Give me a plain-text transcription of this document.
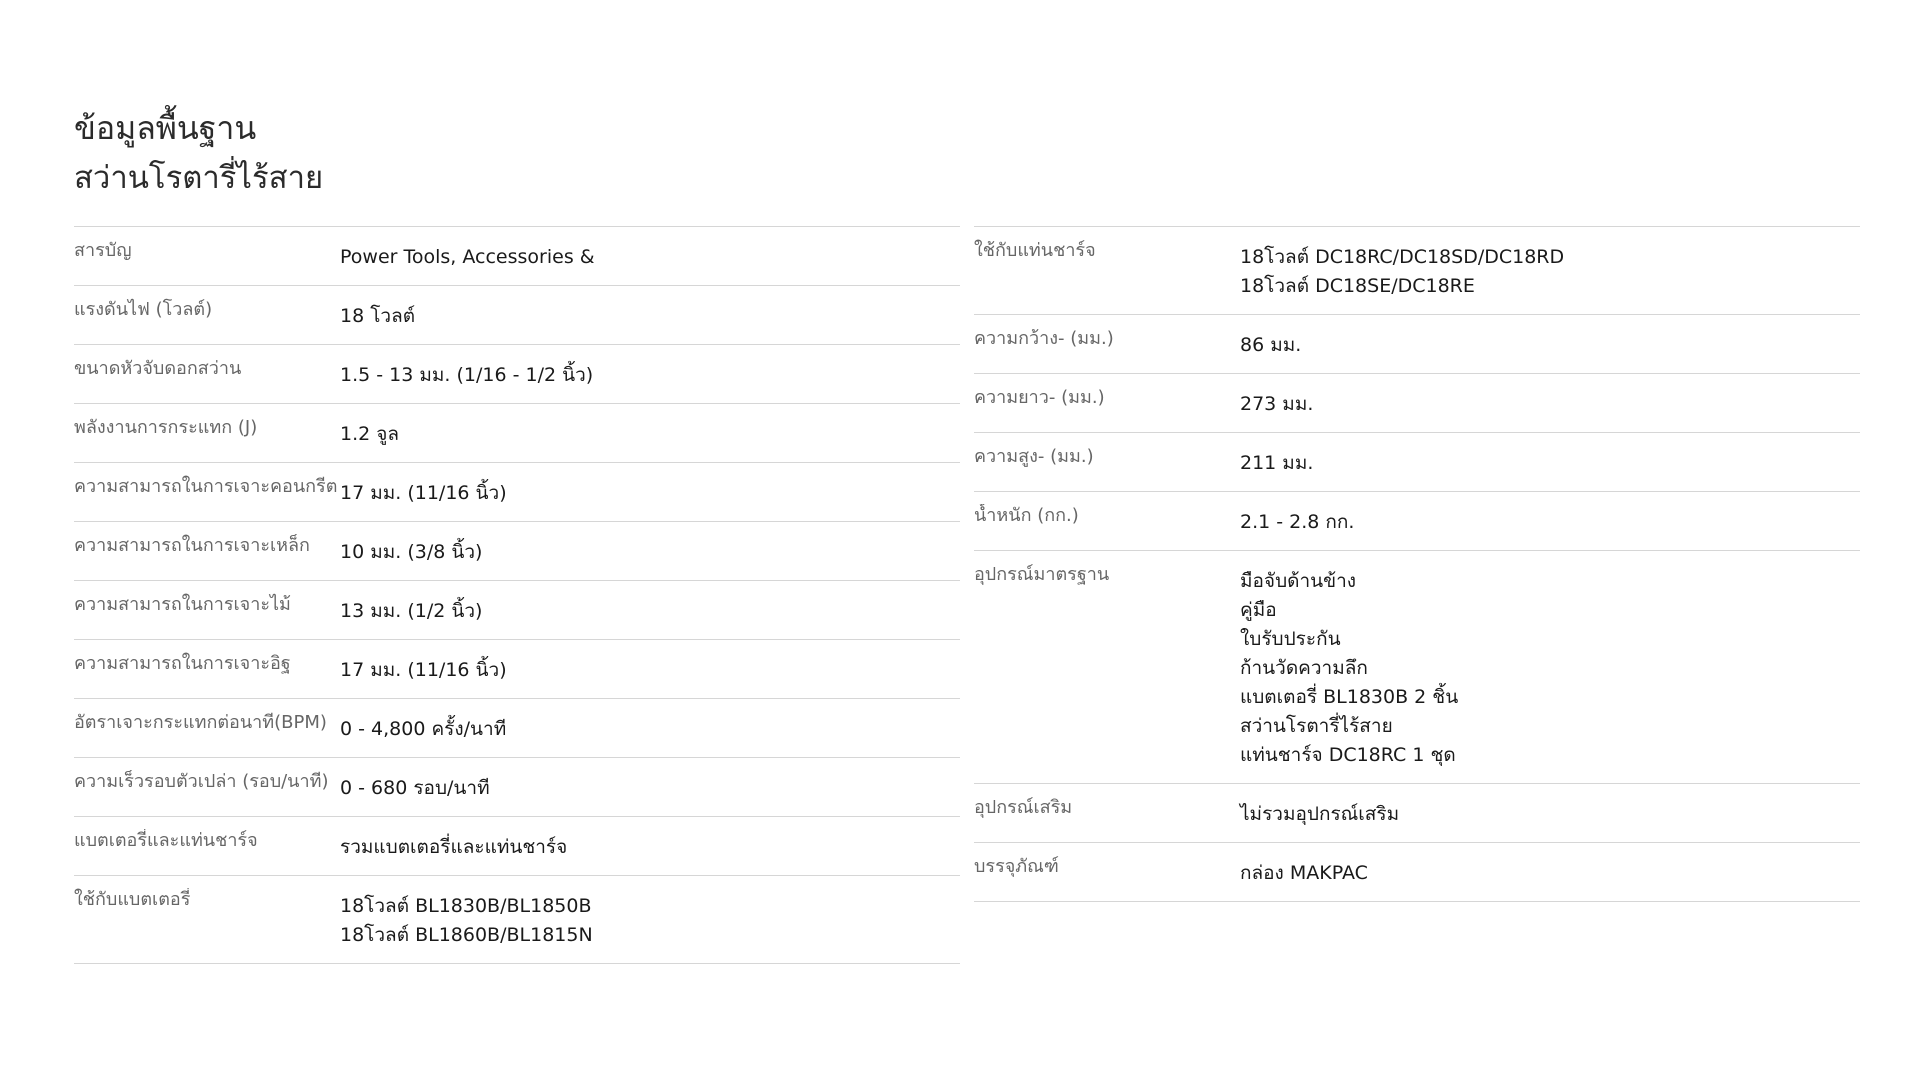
ข้อมูลพื้นฐาน
สว่านโรตารี่ไร้สาย
สารบัญ	Power Tools, Accessories &
แรงดันไฟ (โวลต์)	18 โวลต์
ขนาดหัวจับดอกสว่าน	1.5 - 13 มม. (1/16 - 1/2 นิ้ว)
พลังงานการกระแทก (J)	1.2 จูล
ความสามารถในการเจาะคอนกรีต 17 มม. (11/16 นิ้ว)
ความสามารถในการเจาะเหล็ก	10 มม. (3/8 นิ้ว)
ความสามารถในการเจาะไม้	13 มม. (1/2 นิ้ว)
ความสามารถในการเจาะอิฐ	17 มม. (11/16 นิ้ว)
อัตราเจาะกระแทกต่อนาที(BPM) 0 - 4,800 ครั้ง/นาที
ความเร็วรอบตัวเปล่า (รอบ/นาที) 0 - 680 รอบ/นาที
แบตเตอรี่และแท่นชาร์จ	รวมแบตเตอรี่และแท่นชาร์จ
ใช้กับแบตเตอรี่	18โวลต์ BL1830B/BL1850B
18โวลต์ BL1860B/BL1815N
ใช้กับแท่นชาร์จ	18โวลต์ DC18RC/DC18SD/DC18RD
18โวลต์ DC18SE/DC18RE
ความกว้าง- (มม.)	86 มม.
ความยาว- (มม.)	273 มม.
ความสูง- (มม.)	211 มม.
น้ำหนัก (กก.)	2.1 - 2.8 กก.
อุปกรณ์มาตรฐาน	มือจับด้านข้าง
คู่มือ
ใบรับประกัน
ก้านวัดความลึก
แบตเตอรี่ BL1830B 2 ชิ้น
สว่านโรตารี่ไร้สาย
แท่นชาร์จ DC18RC 1 ชุด
อุปกรณ์เสริม	ไม่รวมอุปกรณ์เสริม
บรรจุภัณฑ์	กล่อง MAKPAC
